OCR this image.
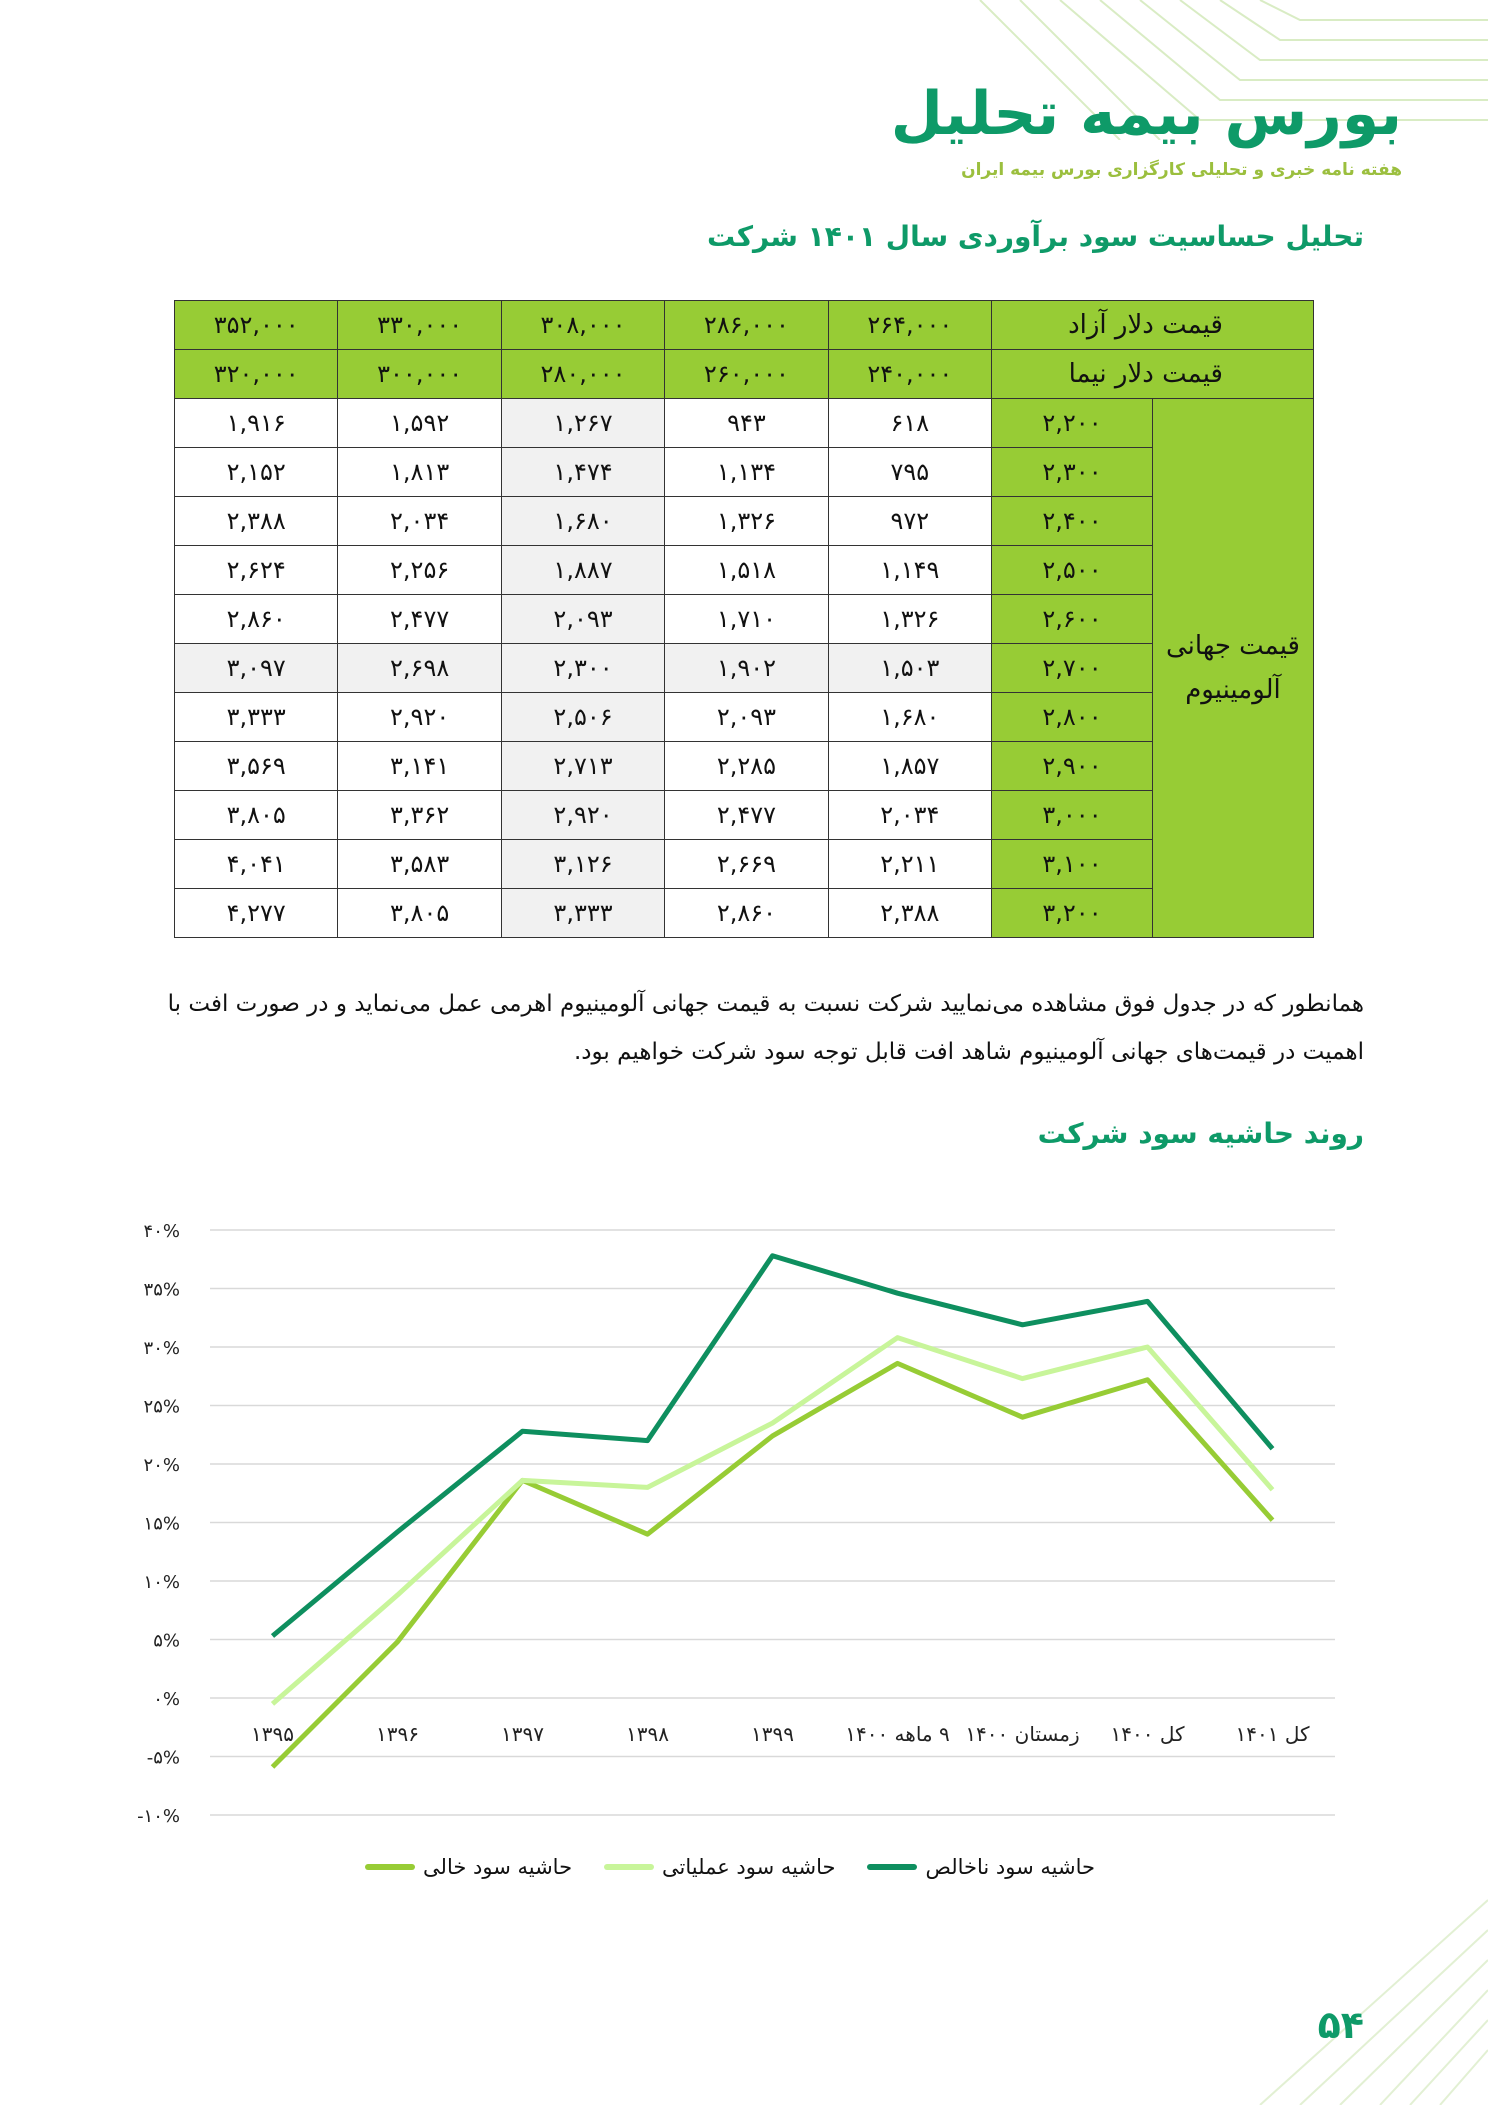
بورس بیمه تحلیل
هفته نامه خبری و تحلیلی کارگزاری بورس بیمه ایران
تحلیل حساسیت سود برآوردی سال ۱۴۰۱ شرکت
قیمت دلار آزاد		۲۶۴,۰۰۰	۲۸۶,۰۰۰	۳۰۸,۰۰۰	۳۳۰,۰۰۰	۳۵۲,۰۰۰
قیمت دلار نیما		۲۴۰,۰۰۰	۲۶۰,۰۰۰	۲۸۰,۰۰۰	۳۰۰,۰۰۰	۳۲۰,۰۰۰

قیمت جهانی
آلومینیوم	۲,۲۰۰	۶۱۸	۹۴۳	۱,۲۶۷	۱,۵۹۲	۱,۹۱۶
	۲,۳۰۰	۷۹۵	۱,۱۳۴	۱,۴۷۴	۱,۸۱۳	۲,۱۵۲
	۲,۴۰۰	۹۷۲	۱,۳۲۶	۱,۶۸۰	۲,۰۳۴	۲,۳۸۸
	۲,۵۰۰	۱,۱۴۹	۱,۵۱۸	۱,۸۸۷	۲,۲۵۶	۲,۶۲۴
	۲,۶۰۰	۱,۳۲۶	۱,۷۱۰	۲,۰۹۳	۲,۴۷۷	۲,۸۶۰
	۲,۷۰۰	۱,۵۰۳	۱,۹۰۲	۲,۳۰۰	۲,۶۹۸	۳,۰۹۷
	۲,۸۰۰	۱,۶۸۰	۲,۰۹۳	۲,۵۰۶	۲,۹۲۰	۳,۳۳۳
	۲,۹۰۰	۱,۸۵۷	۲,۲۸۵	۲,۷۱۳	۳,۱۴۱	۳,۵۶۹
	۳,۰۰۰	۲,۰۳۴	۲,۴۷۷	۲,۹۲۰	۳,۳۶۲	۳,۸۰۵
	۳,۱۰۰	۲,۲۱۱	۲,۶۶۹	۳,۱۲۶	۳,۵۸۳	۴,۰۴۱
	۳,۲۰۰	۲,۳۸۸	۲,۸۶۰	۳,۳۳۳	۳,۸۰۵	۴,۲۷۷
همانطور که در جدول فوق مشاهده می‌نمایید شرکت نسبت به قیمت جهانی آلومینیوم اهرمی عمل می‌نماید و در صورت افت با اهمیت در قیمت‌های جهانی آلومینیوم شاهد افت قابل توجه سود شرکت خواهیم بود.
روند حاشیه سود شرکت
-۱۰%
-۵%
۰%
۵%
۱۰%
۱۵%
۲۰%
۲۵%
۳۰%
۳۵%
۴۰%
۱۳۹۵	۱۳۹۶	۱۳۹۷	۱۳۹۸	۱۳۹۹	۹ ماهه ۱۴۰۰ زمستان ۱۴۰۰ کل ۱۴۰۰	کل ۱۴۰۱
حاشیه سود ناخالص
حاشیه سود عملیاتی
حاشیه سود خالی
۵۴
